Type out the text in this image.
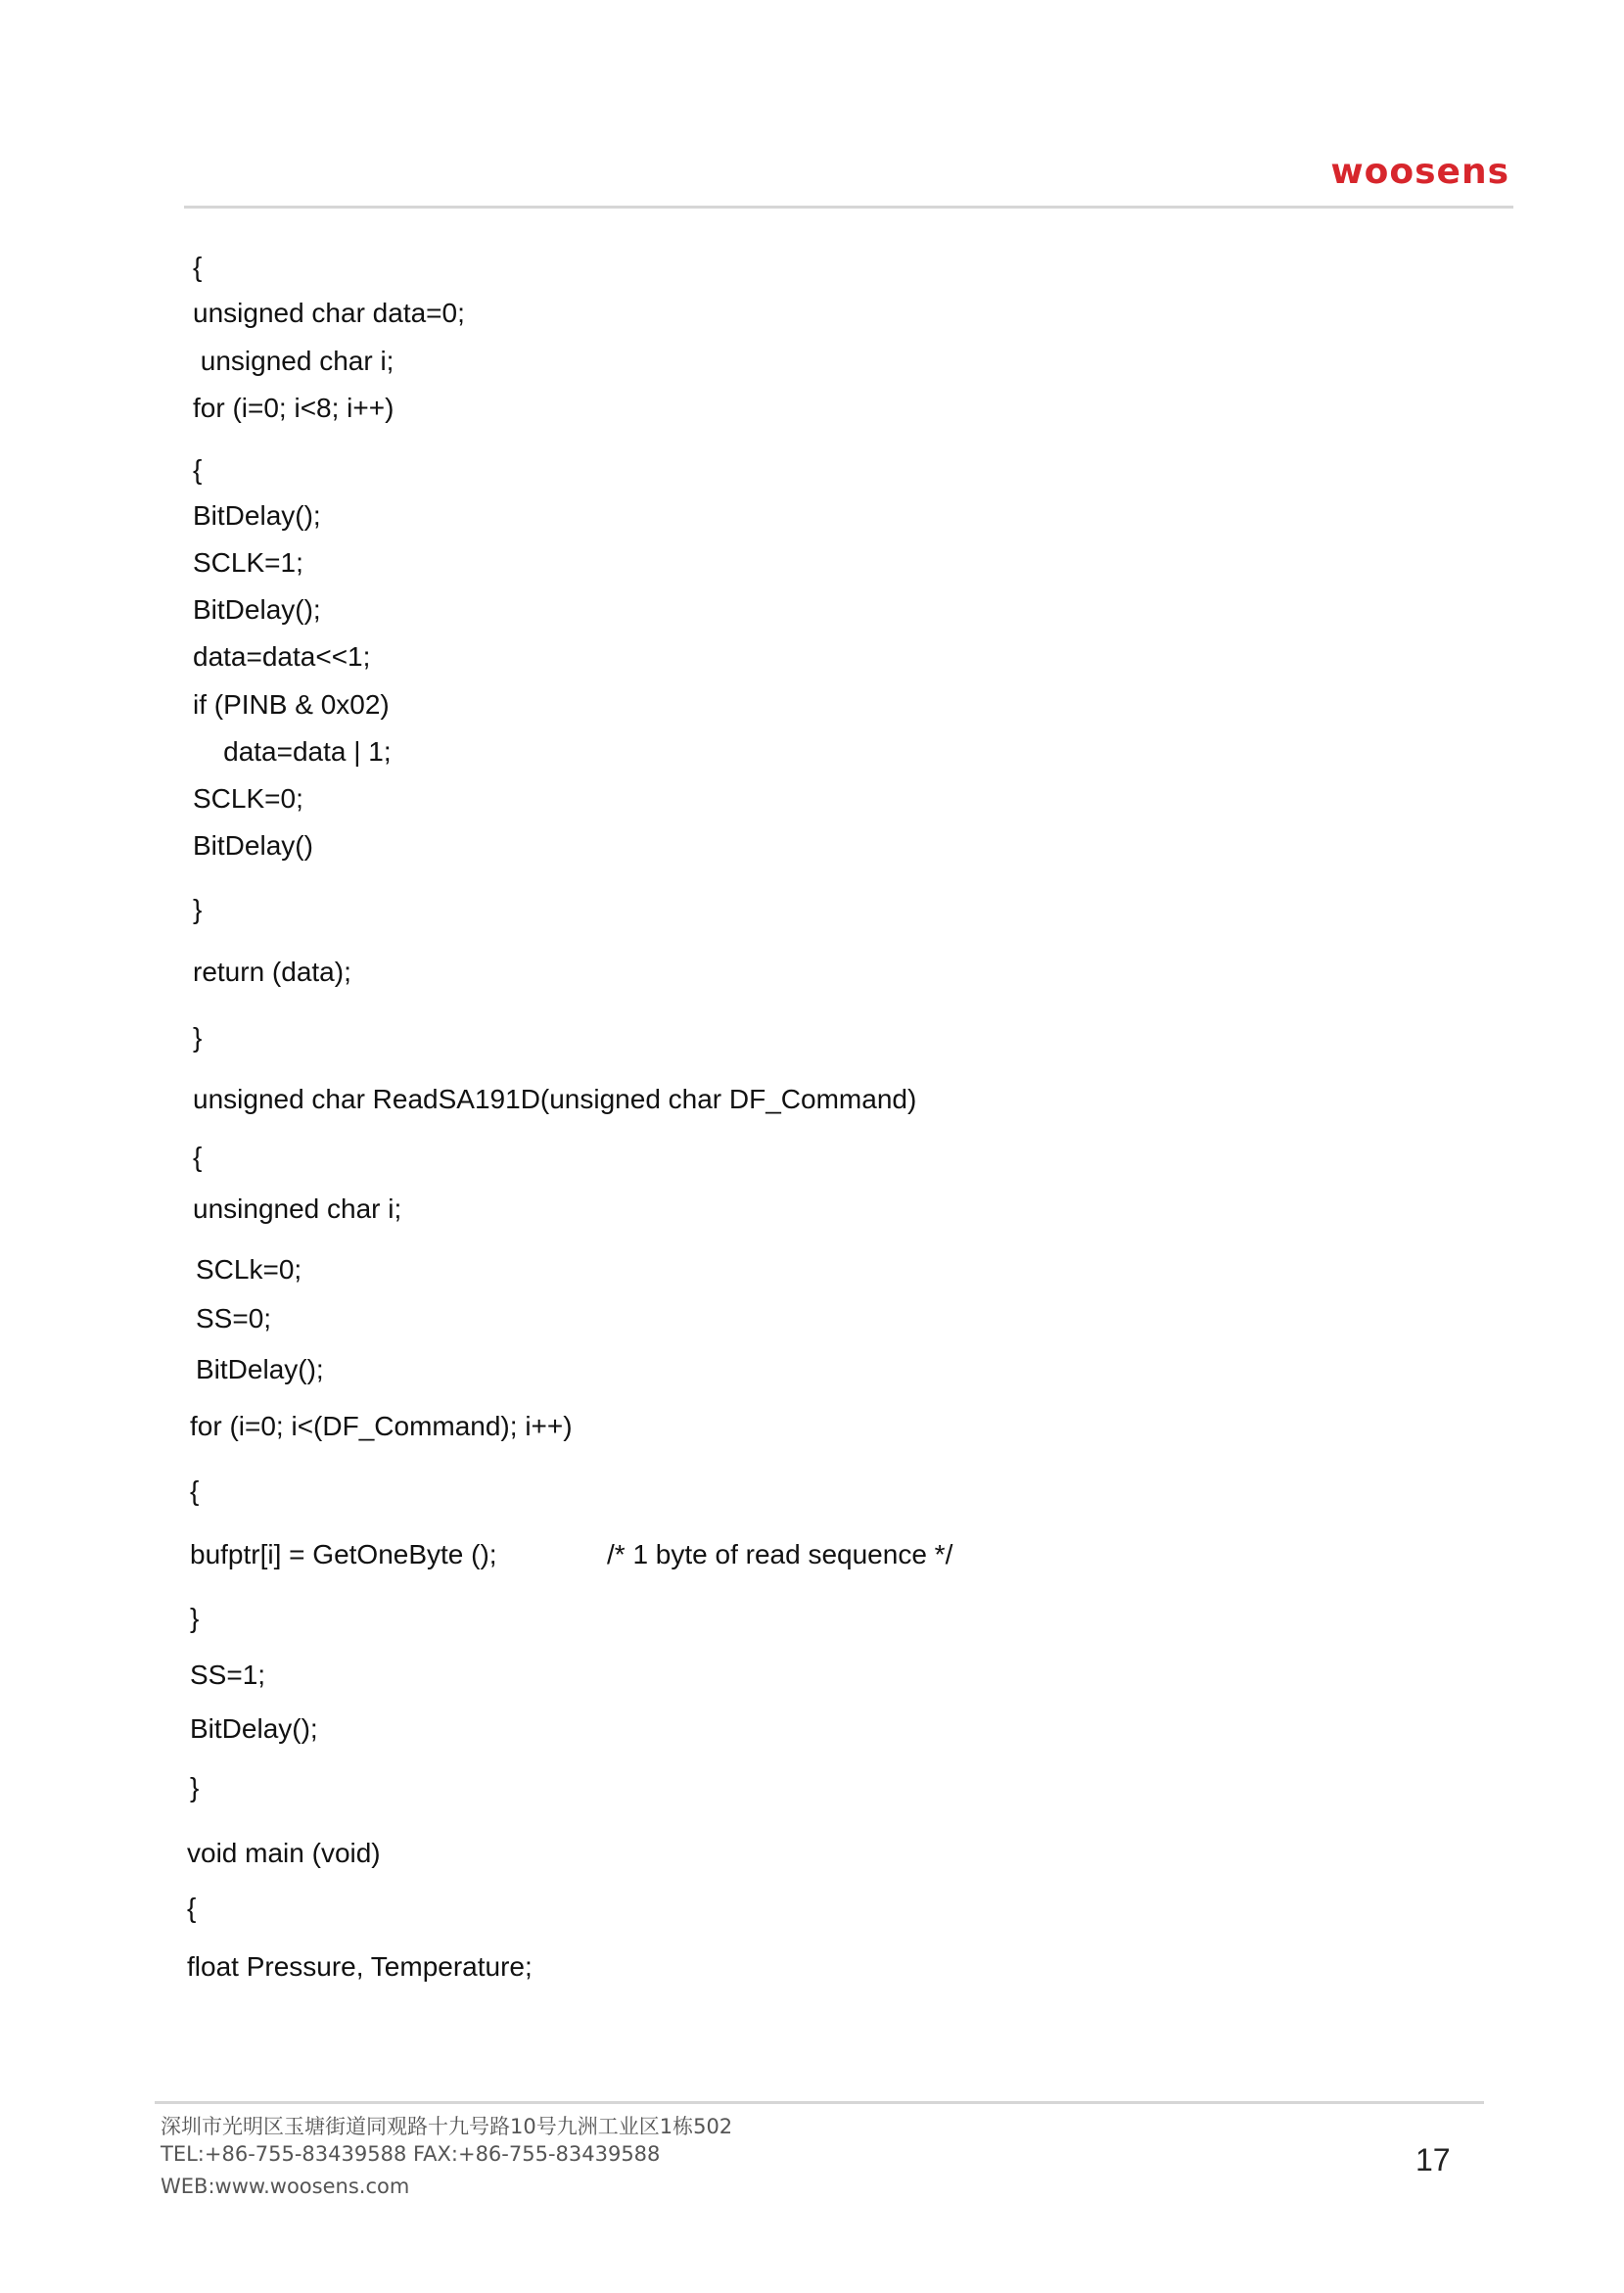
woosens
{
unsigned char data=0;
unsigned char i;
for (i=0; i<8; i++)
{
BitDelay();
SCLK=1;
BitDelay();
data=data<<1;
if (PINB & 0x02)
data=data | 1;
SCLK=0;
BitDelay()
}
return (data);
}
unsigned char ReadSA191D(unsigned char DF_Command)
{
unsingned char i;
SCLk=0;
SS=0;
BitDelay();
for (i=0; i<(DF_Command); i++)
{
bufptr[i] = GetOneByte ();	/* 1 byte of read sequence */
}
SS=1;
BitDelay();
}
void main (void)
{
float Pressure, Temperature;
深圳市光明区玉塘街道同观路十九号路10号九洲工业区1栋502
TEL:+86-755-83439588 FAX:+86-755-83439588
WEB:www.woosens.com
17
